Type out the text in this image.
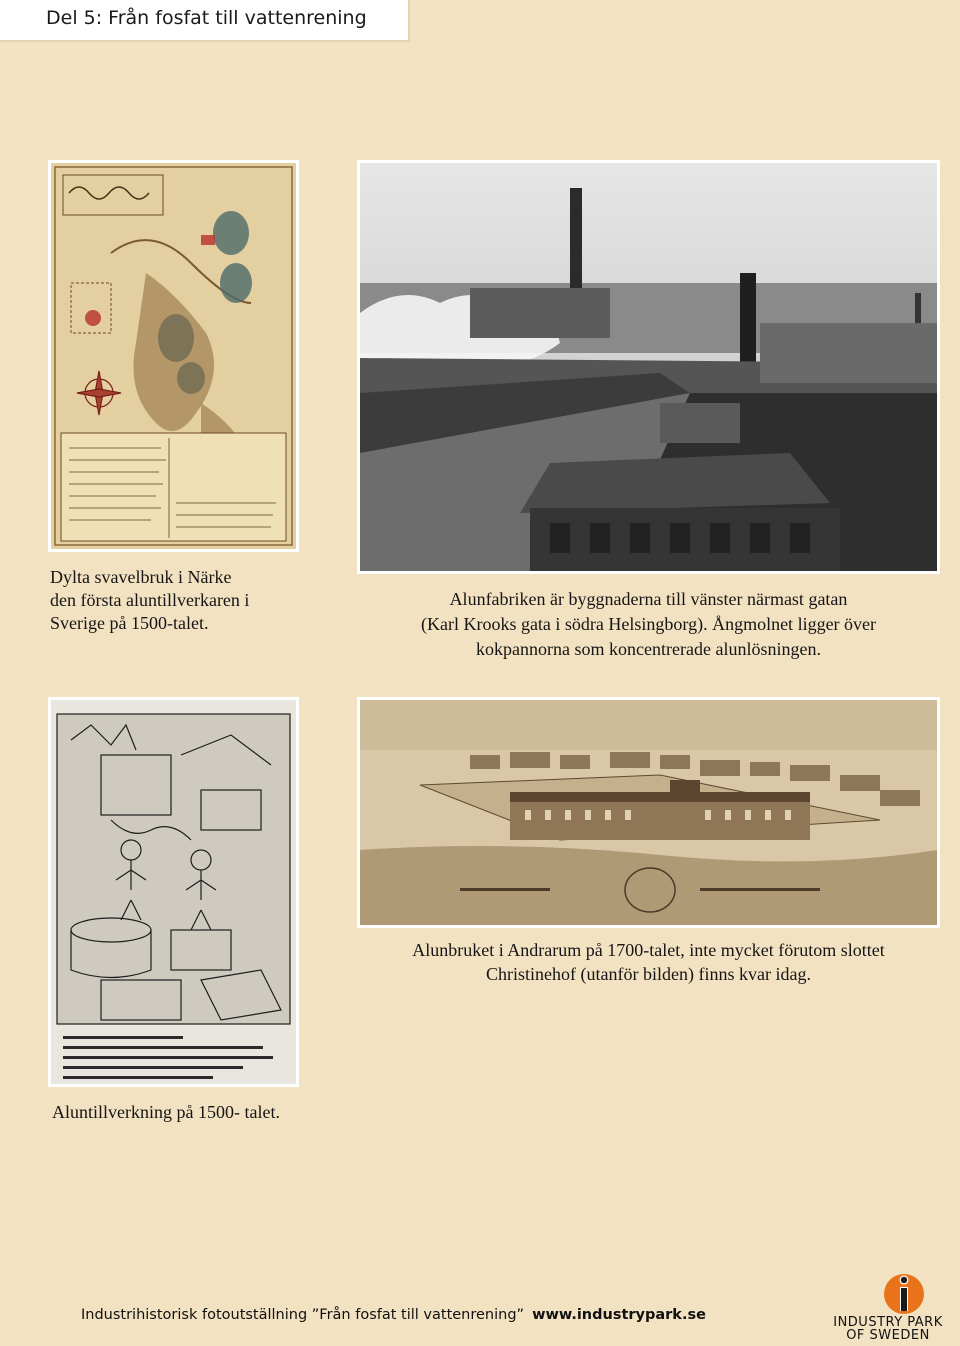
Del 5: Från fosfat till vattenrening
Dylta svavelbruk i Närke
den första aluntillverkaren i
Sverige på 1500-talet.
Alunfabriken är byggnaderna till vänster närmast gatan
(Karl Krooks gata i södra Helsingborg). Ångmolnet ligger över
kokpannorna som koncentrerade alunlösningen.
Alunbruket i Andrarum på 1700-talet, inte mycket förutom slottet
Christinehof (utanför bilden) finns kvar idag.
Aluntillverkning på 1500- talet.
Industrihistorisk fotoutställning ”Från fosfat till vattenrening” www.industrypark.se	INDUSTRY PARK
OF SWEDEN
